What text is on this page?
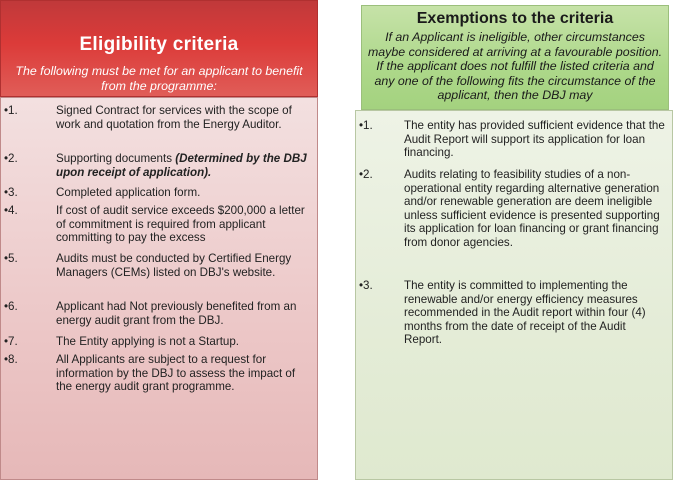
Eligibility criteria
The following must be met for an applicant to benefit from the programme:
•1.	Signed Contract for services with the scope of work and quotation from the Energy Auditor.
•2.	Supporting documents (Determined by the DBJ upon receipt of application).
•3.	Completed application form.
•4.	If cost of audit service exceeds $200,000 a letter of commitment is required from applicant committing to pay the excess
•5.	Audits must be conducted by Certified Energy Managers (CEMs) listed on DBJ's website.
•6.	Applicant had Not previously benefited from an energy audit grant from the DBJ.
•7.	The Entity applying is not a Startup.
•8.	All Applicants are subject to a request for information by the DBJ to assess the impact of the energy audit grant programme.
Exemptions to the criteria
If an Applicant is ineligible, other circumstances maybe considered at arriving at a favourable position. If the applicant does not fulfill the listed criteria and any one of the following fits the circumstance of the applicant, then the DBJ may
•1.	The entity has provided sufficient evidence that the Audit Report will support its application for loan financing.
•2.	Audits relating to feasibility studies of a non-operational entity regarding alternative generation and/or renewable generation are deem ineligible unless sufficient evidence is presented supporting its application for loan financing or grant financing from donor agencies.
•3.	The entity is committed to implementing the renewable and/or energy efficiency measures recommended in the Audit report within four (4) months from the date of receipt of the Audit Report.
